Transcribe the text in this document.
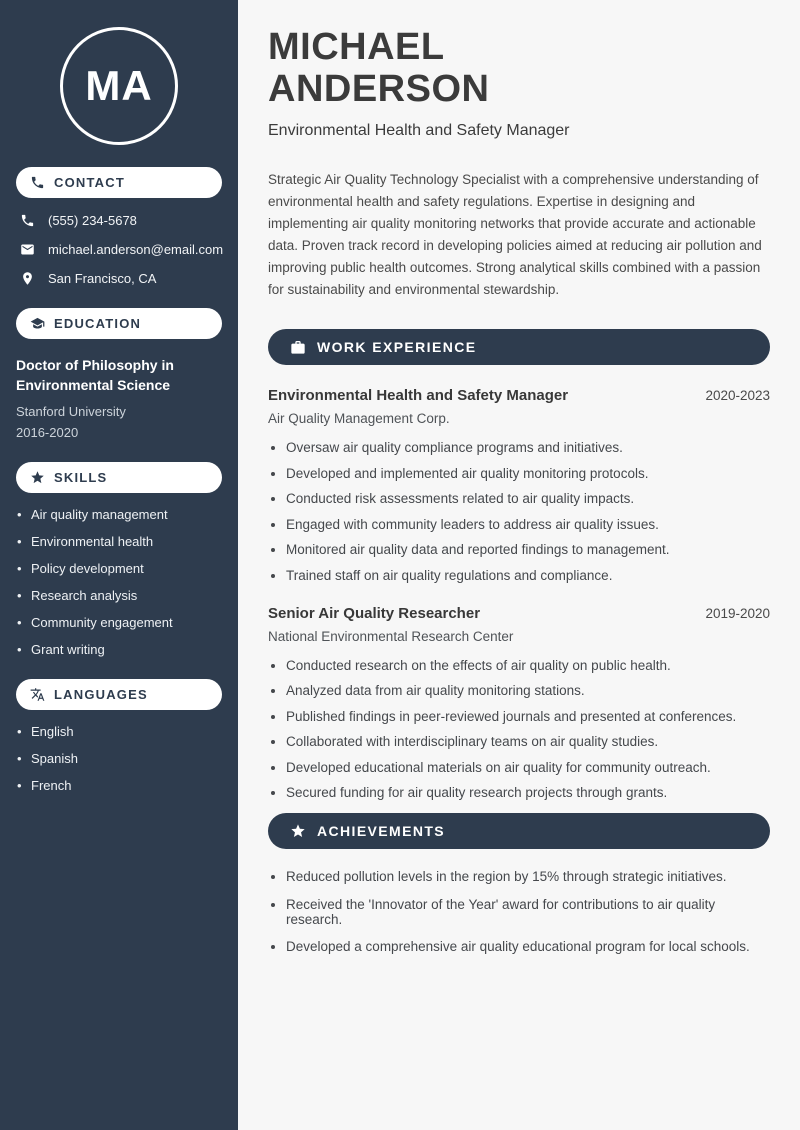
MA
CONTACT
(555) 234-5678
michael.anderson@email.com
San Francisco, CA
EDUCATION
Doctor of Philosophy in Environmental Science
Stanford University
2016-2020
SKILLS
• Air quality management
• Environmental health
• Policy development
• Research analysis
• Community engagement
• Grant writing
LANGUAGES
• English
• Spanish
• French
MICHAEL
ANDERSON
Environmental Health and Safety Manager

Strategic Air Quality Technology Specialist with a comprehensive understanding of environmental health and safety regulations. Expertise in designing and implementing air quality monitoring networks that provide accurate and actionable data. Proven track record in developing policies aimed at reducing air pollution and improving public health outcomes. Strong analytical skills combined with a passion for sustainability and environmental stewardship.

WORK EXPERIENCE
Environmental Health and Safety Manager	2020-2023
Air Quality Management Corp.
• Oversaw air quality compliance programs and initiatives.
• Developed and implemented air quality monitoring protocols.
• Conducted risk assessments related to air quality impacts.
• Engaged with community leaders to address air quality issues.
• Monitored air quality data and reported findings to management.
• Trained staff on air quality regulations and compliance.
Senior Air Quality Researcher	2019-2020
National Environmental Research Center
• Conducted research on the effects of air quality on public health.
• Analyzed data from air quality monitoring stations.
• Published findings in peer-reviewed journals and presented at conferences.
• Collaborated with interdisciplinary teams on air quality studies.
• Developed educational materials on air quality for community outreach.
• Secured funding for air quality research projects through grants.
ACHIEVEMENTS
• Reduced pollution levels in the region by 15% through strategic initiatives.
• Received the 'Innovator of the Year' award for contributions to air quality research.
• Developed a comprehensive air quality educational program for local schools.
